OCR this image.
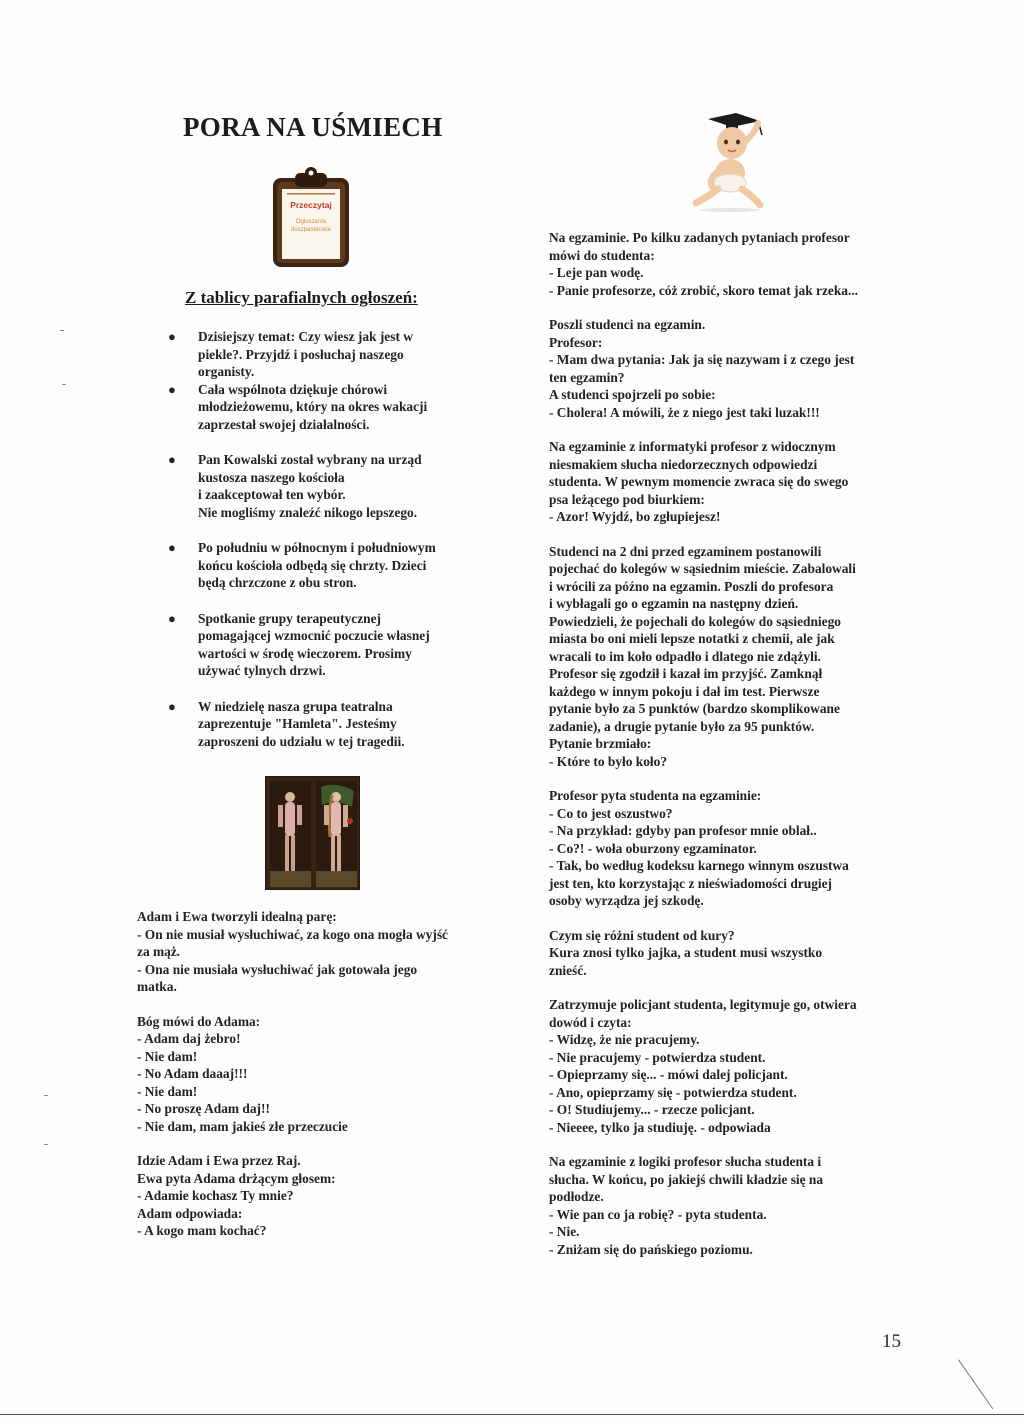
PORA NA UŚMIECH
Przeczytaj
Ogłoszenia
duszpasterskie
Z tablicy parafialnych ogłoszeń:
● Dzisiejszy temat: Czy wiesz jak jest w
piekle?. Przyjdź i posłuchaj naszego
organisty.
● Cała wspólnota dziękuje chórowi
młodzieżowemu, który na okres wakacji
zaprzestał swojej działalności.
● Pan Kowalski został wybrany na urząd
kustosza naszego kościoła
i zaakceptował ten wybór.
Nie mogliśmy znaleźć nikogo lepszego.
● Po południu w północnym i południowym
końcu kościoła odbędą się chrzty. Dzieci
będą chrzczone z obu stron.
● Spotkanie grupy terapeutycznej
pomagającej wzmocnić poczucie własnej
wartości w środę wieczorem. Prosimy
używać tylnych drzwi.
● W niedzielę nasza grupa teatralna
zaprezentuje "Hamleta". Jesteśmy
zaproszeni do udziału w tej tragedii.
Adam i Ewa tworzyli idealną parę:
- On nie musiał wysłuchiwać, za kogo ona mogła wyjść
za mąż.
- Ona nie musiała wysłuchiwać jak gotowała jego
matka.
Bóg mówi do Adama:
- Adam daj żebro!
- Nie dam!
- No Adam daaaj!!!
- Nie dam!
- No proszę Adam daj!!
- Nie dam, mam jakieś złe przeczucie
Idzie Adam i Ewa przez Raj.
Ewa pyta Adama drżącym głosem:
- Adamie kochasz Ty mnie?
Adam odpowiada:
- A kogo mam kochać?
Na egzaminie. Po kilku zadanych pytaniach profesor
mówi do studenta:
- Leje pan wodę.
- Panie profesorze, cóż zrobić, skoro temat jak rzeka...
Poszli studenci na egzamin.
Profesor:
- Mam dwa pytania: Jak ja się nazywam i z czego jest
ten egzamin?
A studenci spojrzeli po sobie:
- Cholera! A mówili, że z niego jest taki luzak!!!
Na egzaminie z informatyki profesor z widocznym
niesmakiem słucha niedorzecznych odpowiedzi
studenta. W pewnym momencie zwraca się do swego
psa leżącego pod biurkiem:
- Azor! Wyjdź, bo zgłupiejesz!
Studenci na 2 dni przed egzaminem postanowili
pojechać do kolegów w sąsiednim mieście. Zabalowali
i wrócili za późno na egzamin. Poszli do profesora
i wybłagali go o egzamin na następny dzień.
Powiedzieli, że pojechali do kolegów do sąsiedniego
miasta bo oni mieli lepsze notatki z chemii, ale jak
wracali to im koło odpadło i dlatego nie zdążyli.
Profesor się zgodził i kazał im przyjść. Zamknął
każdego w innym pokoju i dał im test. Pierwsze
pytanie było za 5 punktów (bardzo skomplikowane
zadanie), a drugie pytanie było za 95 punktów.
Pytanie brzmiało:
- Które to było koło?
Profesor pyta studenta na egzaminie:
- Co to jest oszustwo?
- Na przykład: gdyby pan profesor mnie oblał..
- Co?! - woła oburzony egzaminator.
- Tak, bo według kodeksu karnego winnym oszustwa
jest ten, kto korzystając z nieświadomości drugiej
osoby wyrządza jej szkodę.
Czym się różni student od kury?
Kura znosi tylko jajka, a student musi wszystko
znieść.
Zatrzymuje policjant studenta, legitymuje go, otwiera
dowód i czyta:
- Widzę, że nie pracujemy.
- Nie pracujemy - potwierdza student.
- Opieprzamy się... - mówi dalej policjant.
- Ano, opieprzamy się - potwierdza student.
- O! Studiujemy... - rzecze policjant.
- Nieeee, tylko ja studiuję. - odpowiada
Na egzaminie z logiki profesor słucha studenta i
słucha. W końcu, po jakiejś chwili kładzie się na
podłodze.
- Wie pan co ja robię? - pyta studenta.
- Nie.
- Zniżam się do pańskiego poziomu.
15
